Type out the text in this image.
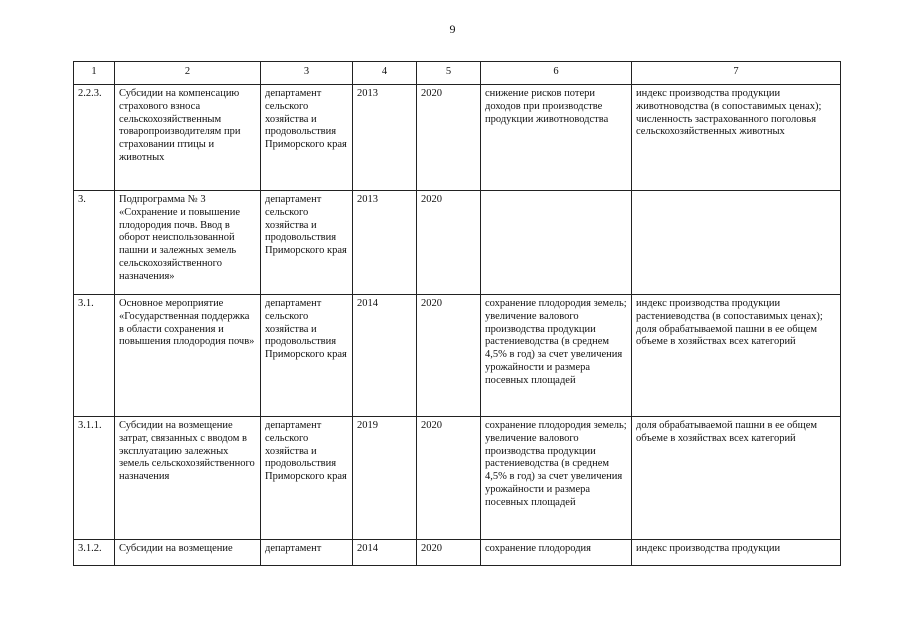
9
1	2	3	4	5	6	7
2.2.3.	Субсидии на компенсацию страхового взноса сельскохозяйственным товаропроизводителям при страховании птицы и животных	департамент сельского хозяйства и продовольствия Приморского края	2013	2020	снижение рисков потери доходов при производстве продукции животноводства	индекс производства продукции животноводства (в сопоставимых ценах); численность застрахованного поголовья сельскохозяйственных животных
3.	Подпрограмма № 3 «Сохранение и повышение плодородия почв. Ввод в оборот неиспользованной пашни и залежных земель сельскохозяйственного назначения»	департамент сельского хозяйства и продовольствия Приморского края	2013	2020		
3.1.	Основное мероприятие «Государственная поддержка в области сохранения и повышения плодородия почв»	департамент сельского хозяйства и продовольствия Приморского края	2014	2020	сохранение плодородия земель; увеличение валового производства продукции растениеводства (в среднем 4,5% в год) за счет увеличения урожайности и размера посевных площадей	индекс производства продукции растениеводства (в сопоставимых ценах); доля обрабатываемой пашни в ее общем объеме в хозяйствах всех категорий
3.1.1.	Субсидии на возмещение затрат, связанных с вводом в эксплуатацию залежных земель сельскохозяйственного назначения	департамент сельского хозяйства и продовольствия Приморского края	2019	2020	сохранение плодородия земель; увеличение валового производства продукции растениеводства (в среднем 4,5% в год) за счет увеличения урожайности и размера посевных площадей	доля обрабатываемой пашни в ее общем объеме в хозяйствах всех категорий
3.1.2.	Субсидии на возмещение	департамент	2014	2020	сохранение плодородия	индекс производства продукции
